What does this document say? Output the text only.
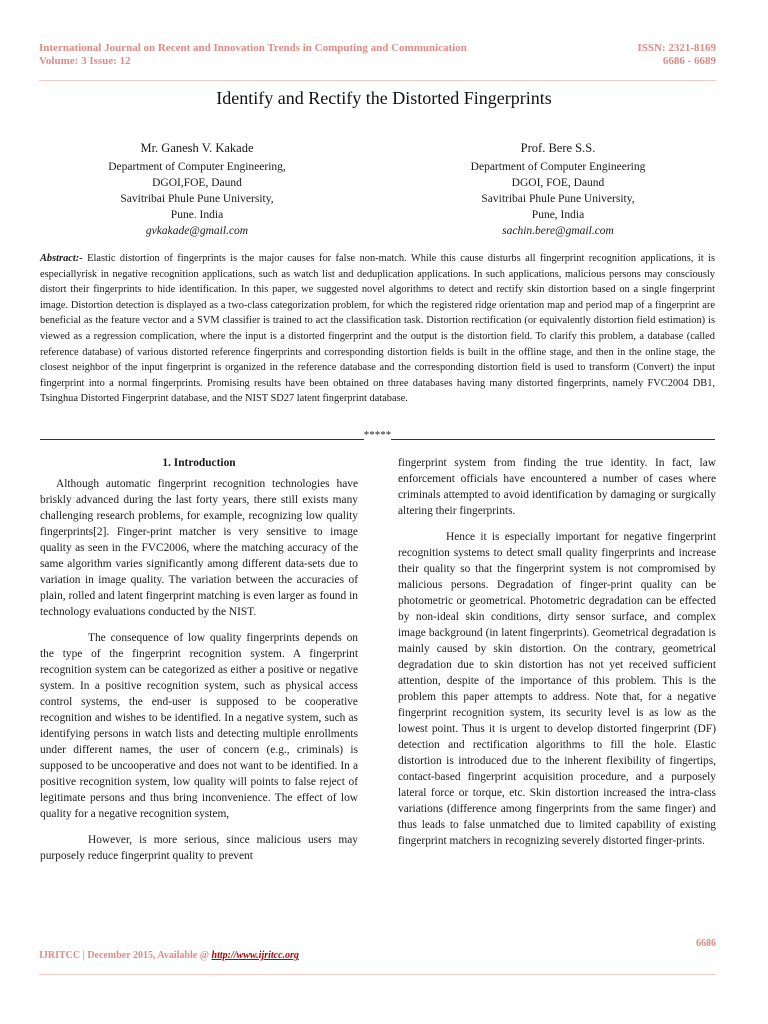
International Journal on Recent and Innovation Trends in Computing and Communication
Volume: 3 Issue: 12
ISSN: 2321-8169
6686 - 6689
Identify and Rectify the Distorted Fingerprints
Mr. Ganesh V. Kakade
Department of Computer Engineering,
DGOI,FOE, Daund
Savitribai Phule Pune University,
Pune. India
gvkakade@gmail.com
Prof. Bere S.S.
Department of Computer Engineering
DGOI, FOE, Daund
Savitribai Phule Pune University,
Pune, India
sachin.bere@gmail.com
Abstract:- Elastic distortion of fingerprints is the major causes for false non-match. While this cause disturbs all fingerprint recognition applications, it is especiallyrisk in negative recognition applications, such as watch list and deduplication applications. In such applications, malicious persons may consciously distort their fingerprints to hide identification. In this paper, we suggested novel algorithms to detect and rectify skin distortion based on a single fingerprint image. Distortion detection is displayed as a two-class categorization problem, for which the registered ridge orientation map and period map of a fingerprint are beneficial as the feature vector and a SVM classifier is trained to act the classification task. Distortion rectification (or equivalently distortion field estimation) is viewed as a regression complication, where the input is a distorted fingerprint and the output is the distortion field. To clarify this problem, a database (called reference database) of various distorted reference fingerprints and corresponding distortion fields is built in the offline stage, and then in the online stage, the closest neighbor of the input fingerprint is organized in the reference database and the corresponding distortion field is used to transform (Convert) the input fingerprint into a normal fingerprints. Promising results have been obtained on three databases having many distorted fingerprints, namely FVC2004 DB1, Tsinghua Distorted Fingerprint database, and the NIST SD27 latent fingerprint database.
*****
1. Introduction

Although automatic fingerprint recognition technologies have briskly advanced during the last forty years, there still exists many challenging research problems, for example, recognizing low quality fingerprints[2]. Finger-print matcher is very sensitive to image quality as seen in the FVC2006, where the matching accuracy of the same algorithm varies significantly among different data-sets due to variation in image quality. The variation between the accuracies of plain, rolled and latent fingerprint matching is even larger as found in technology evaluations conducted by the NIST.

The consequence of low quality fingerprints depends on the type of the fingerprint recognition system. A fingerprint recognition system can be categorized as either a positive or negative system. In a positive recognition system, such as physical access control systems, the end-user is supposed to be cooperative recognition and wishes to be identified. In a negative system, such as identifying persons in watch lists and detecting multiple enrollments under different names, the user of concern (e.g., criminals) is supposed to be uncooperative and does not want to be identified. In a positive recognition system, low quality will points to false reject of legitimate persons and thus bring inconvenience. The effect of low quality for a negative recognition system,

However, is more serious, since malicious users may purposely reduce fingerprint quality to prevent

fingerprint system from finding the true identity. In fact, law enforcement officials have encountered a number of cases where criminals attempted to avoid identification by damaging or surgically altering their fingerprints.

Hence it is especially important for negative fingerprint recognition systems to detect small quality fingerprints and increase their quality so that the fingerprint system is not compromised by malicious persons. Degradation of finger-print quality can be photometric or geometrical. Photometric degradation can be effected by non-ideal skin conditions, dirty sensor surface, and complex image background (in latent fingerprints). Geometrical degradation is mainly caused by skin distortion. On the contrary, geometrical degradation due to skin distortion has not yet received sufficient attention, despite of the importance of this problem. This is the problem this paper attempts to address. Note that, for a negative fingerprint recognition system, its security level is as low as the lowest point. Thus it is urgent to develop distorted fingerprint (DF) detection and rectification algorithms to fill the hole. Elastic distortion is introduced due to the inherent flexibility of fingertips, contact-based fingerprint acquisition procedure, and a purposely lateral force or torque, etc. Skin distortion increased the intra-class variations (difference among fingerprints from the same finger) and thus leads to false unmatched due to limited capability of existing fingerprint matchers in recognizing severely distorted finger-prints.

6686
IJRITCC | December 2015, Available @ http://www.ijritcc.org
